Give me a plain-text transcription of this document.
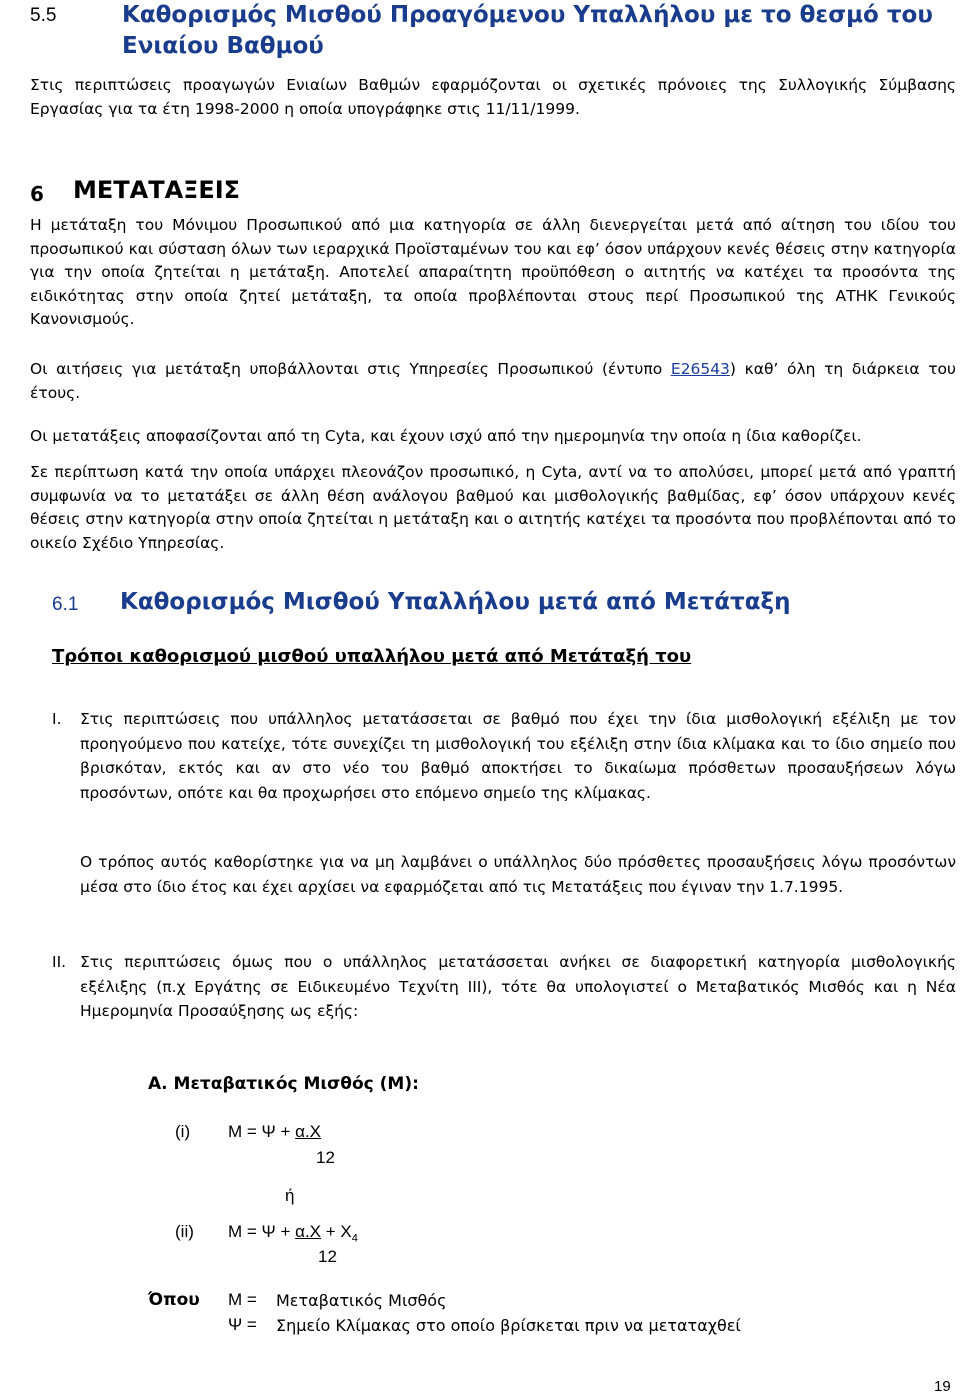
5.5	Καθορισμός Μισθού Προαγόμενου Υπαλλήλου με το θεσμό του
Ενιαίου Βαθμού
Στις περιπτώσεις προαγωγών Ενιαίων Βαθμών εφαρμόζονται οι σχετικές πρόνοιες της Συλλογικής Σύμβασης Εργασίας για τα έτη 1998-2000 η οποία υπογράφηκε στις 11/11/1999.
6 ΜΕΤΑΤΑΞΕΙΣ
Η μετάταξη του Μόνιμου Προσωπικού από μια κατηγορία σε άλλη διενεργείται μετά από αίτηση του ιδίου του προσωπικού και σύσταση όλων των ιεραρχικά Προϊσταμένων του και εφ’ όσον υπάρχουν κενές θέσεις στην κατηγορία για την οποία ζητείται η μετάταξη. Αποτελεί απαραίτητη προϋπόθεση ο αιτητής να κατέχει τα προσόντα της ειδικότητας στην οποία ζητεί μετάταξη, τα οποία προβλέπονται στους περί Προσωπικού της ΑΤΗΚ Γενικούς Κανονισμούς.
Οι αιτήσεις για μετάταξη υποβάλλονται στις Υπηρεσίες Προσωπικού (έντυπο Ε26543) καθ’ όλη τη διάρκεια του έτους.
Οι μετατάξεις αποφασίζονται από τη Cyta, και έχουν ισχύ από την ημερομηνία την οποία η ίδια καθορίζει.
Σε περίπτωση κατά την οποία υπάρχει πλεονάζον προσωπικό, η Cyta, αντί να το απολύσει, μπορεί μετά από γραπτή συμφωνία να το μετατάξει σε άλλη θέση ανάλογου βαθμού και μισθολογικής βαθμίδας, εφ’ όσον υπάρχουν κενές θέσεις στην κατηγορία στην οποία ζητείται η μετάταξη και ο αιτητής κατέχει τα προσόντα που προβλέπονται από το οικείο Σχέδιο Υπηρεσίας.
6.1 Καθορισμός Μισθού Υπαλλήλου μετά από Μετάταξη
Τρόποι καθορισμού μισθού υπαλλήλου μετά από Μετάταξή του
I. Στις περιπτώσεις που υπάλληλος μετατάσσεται σε βαθμό που έχει την ίδια μισθολογική εξέλιξη με τον προηγούμενο που κατείχε, τότε συνεχίζει τη μισθολογική του εξέλιξη στην ίδια κλίμακα και το ίδιο σημείο που βρισκόταν, εκτός και αν στο νέο του βαθμό αποκτήσει το δικαίωμα πρόσθετων προσαυξήσεων λόγω προσόντων, οπότε και θα προχωρήσει στο επόμενο σημείο της κλίμακας.
Ο τρόπος αυτός καθορίστηκε για να μη λαμβάνει ο υπάλληλος δύο πρόσθετες προσαυξήσεις λόγω προσόντων μέσα στο ίδιο έτος και έχει αρχίσει να εφαρμόζεται από τις Μετατάξεις που έγιναν την 1.7.1995.
II. Στις περιπτώσεις όμως που ο υπάλληλος μετατάσσεται ανήκει σε διαφορετική κατηγορία μισθολογικής εξέλιξης (π.χ Εργάτης σε Ειδικευμένο Τεχνίτη ΙΙΙ), τότε θα υπολογιστεί ο Μεταβατικός Μισθός και η Νέα Ημερομηνία Προσαύξησης ως εξής:
Α. Μεταβατικός Μισθός (Μ):
(i) Μ = Ψ + α.Χ
12
ή
(ii) $M = \Psi + \alpha.X + X_4$
12
Όπου Μ = Μεταβατικός Μισθός
Ψ = Σημείο Κλίμακας στο οποίο βρίσκεται πριν να μεταταχθεί
19
